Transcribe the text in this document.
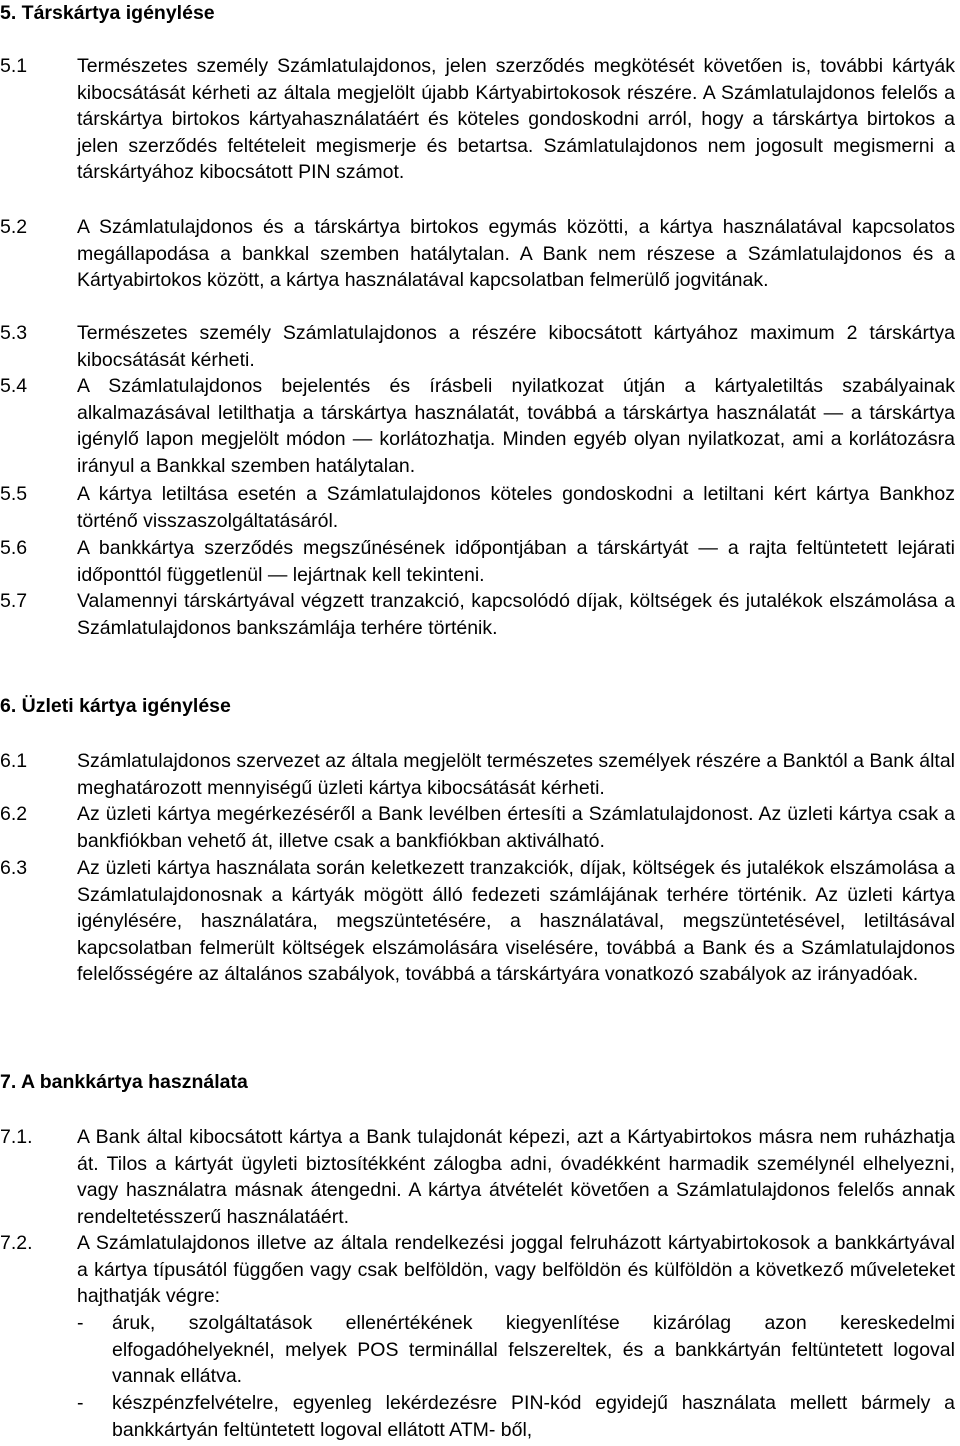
5. Társkártya igénylése
5.1	Természetes személy Számlatulajdonos, jelen szerződés megkötését követően is, további kártyák kibocsátását kérheti az általa megjelölt újabb Kártyabirtokosok részére. A Számlatulajdonos felelős a társkártya birtokos kártyahasználatáért és köteles gondoskodni arról, hogy a társkártya birtokos a jelen szerződés feltételeit megismerje és betartsa. Számlatulajdonos nem jogosult megismerni a társkártyához kibocsátott PIN számot.
5.2	A Számlatulajdonos és a társkártya birtokos egymás közötti, a kártya használatával kapcsolatos megállapodása a bankkal szemben hatálytalan. A Bank nem részese a Számlatulajdonos és a Kártyabirtokos között, a kártya használatával kapcsolatban felmerülő jogvitának.
5.3	Természetes személy Számlatulajdonos a részére kibocsátott kártyához maximum 2 társkártya kibocsátását kérheti.
5.4	A Számlatulajdonos bejelentés és írásbeli nyilatkozat útján a kártyaletiltás szabályainak alkalmazásával letilthatja a társkártya használatát, továbbá a társkártya használatát — a társkártya igénylő lapon megjelölt módon — korlátozhatja. Minden egyéb olyan nyilatkozat, ami a korlátozásra irányul a Bankkal szemben hatálytalan.
5.5	A kártya letiltása esetén a Számlatulajdonos köteles gondoskodni a letiltani kért kártya Bankhoz történő visszaszolgáltatásáról.
5.6	A bankkártya szerződés megszűnésének időpontjában a társkártyát — a rajta feltüntetett lejárati időponttól függetlenül — lejártnak kell tekinteni.
5.7	Valamennyi társkártyával végzett tranzakció, kapcsolódó díjak, költségek és jutalékok elszámolása a Számlatulajdonos bankszámlája terhére történik.
6. Üzleti kártya igénylése
6.1	Számlatulajdonos szervezet az általa megjelölt természetes személyek részére a Banktól a Bank által meghatározott mennyiségű üzleti kártya kibocsátását kérheti.
6.2	Az üzleti kártya megérkezéséről a Bank levélben értesíti a Számlatulajdonost. Az üzleti kártya csak a bankfiókban vehető át, illetve csak a bankfiókban aktiválható.
6.3	Az üzleti kártya használata során keletkezett tranzakciók, díjak, költségek és jutalékok elszámolása a Számlatulajdonosnak a kártyák mögött álló fedezeti számlájának terhére történik. Az üzleti kártya igénylésére, használatára, megszüntetésére, a használatával, megszüntetésével, letiltásával kapcsolatban felmerült költségek elszámolására viselésére, továbbá a Bank és a Számlatulajdonos felelősségére az általános szabályok, továbbá a társkártyára vonatkozó szabályok az irányadóak.
7. A bankkártya használata
7.1. A Bank által kibocsátott kártya a Bank tulajdonát képezi, azt a Kártyabirtokos másra nem ruházhatja át. Tilos a kártyát ügyleti biztosítékként zálogba adni, óvadékként harmadik személynél elhelyezni, vagy használatra másnak átengedni. A kártya átvételét követően a Számlatulajdonos felelős annak rendeltetésszerű használatáért.
7.2. A Számlatulajdonos illetve az általa rendelkezési joggal felruházott kártyabirtokosok a bankkártyával a kártya típusától függően vagy csak belföldön, vagy belföldön és külföldön a következő műveleteket hajthatják végre:
- áruk, szolgáltatások ellenértékének kiegyenlítése kizárólag azon kereskedelmi elfogadóhelyeknél, melyek POS terminállal felszereltek, és a bankkártyán feltüntetett logoval vannak ellátva.
- készpénzfelvételre, egyenleg lekérdezésre PIN-kód egyidejű használata mellett bármely a bankkártyán feltüntetett logoval ellátott ATM- ből,
